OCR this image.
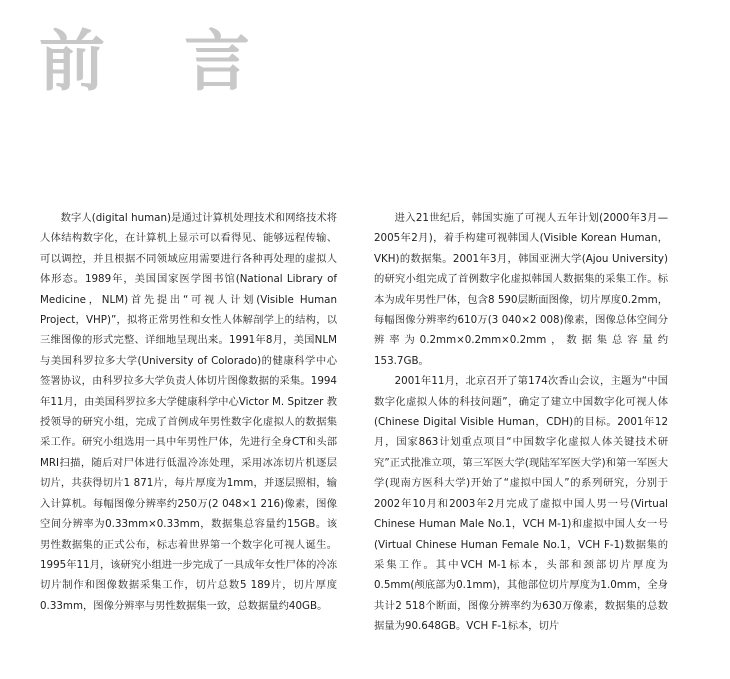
前 言

数字人(digital human)是通过计算机处理技术和网络技术将人体结构数字化，在计算机上显示可以看得见、能够远程传输、可以调控，并且根据不同领域应用需要进行各种再处理的虚拟人体形态。1989年，美国国家医学图书馆(National Library of Medicine，NLM)首先提出“可视人计划(Visible Human Project，VHP)”，拟将正常男性和女性人体解剖学上的结构，以三维图像的形式完整、详细地呈现出来。1991年8月，美国NLM与美国科罗拉多大学(University of Colorado)的健康科学中心签署协议，由科罗拉多大学负责人体切片图像数据的采集。1994年11月，由美国科罗拉多大学健康科学中心Victor M. Spitzer 教授领导的研究小组，完成了首例成年男性数字化虚拟人的数据集采工作。研究小组选用一具中年男性尸体，先进行全身CT和头部MRI扫描，随后对尸体进行低温冷冻处理，采用冰冻切片机逐层切片，共获得切片1 871片，每片厚度为1mm，并逐层照相，输入计算机。每幅图像分辨率约250万(2 048×1 216)像素，图像空间分辨率为0.33mm×0.33mm，数据集总容量约15GB。该男性数据集的正式公布，标志着世界第一个数字化可视人诞生。1995年11月，该研究小组进一步完成了一具成年女性尸体的冷冻切片制作和图像数据采集工作，切片总数5 189片，切片厚度0.33mm，图像分辨率与男性数据集一致，总数据量约40GB。

进入21世纪后，韩国实施了可视人五年计划(2000年3月—2005年2月)，着手构建可视韩国人(Visible Korean Human，VKH)的数据集。2001年3月，韩国亚洲大学(Ajou University)的研究小组完成了首例数字化虚拟韩国人数据集的采集工作。标本为成年男性尸体，包含8 590层断面图像，切片厚度0.2mm，每幅图像分辨率约610万(3 040×2 008)像素，图像总体空间分辨率为0.2mm×0.2mm×0.2mm，数据集总容量约153.7GB。

2001年11月，北京召开了第174次香山会议，主题为“中国数字化虚拟人体的科技问题”，确定了建立中国数字化可视人体(Chinese Digital Visible Human，CDH)的目标。2001年12月，国家863计划重点项目“中国数字化虚拟人体关键技术研究”正式批准立项，第三军医大学(现陆军军医大学)和第一军医大学(现南方医科大学)开始了“虚拟中国人”的系列研究，分别于2002年10月和2003年2月完成了虚拟中国人男一号(Virtual Chinese Human Male No.1，VCH M-1)和虚拟中国人女一号(Virtual Chinese Human Female No.1，VCH F-1)数据集的采集工作。其中VCH M-1标本，头部和颈部切片厚度为0.5mm(颅底部为0.1mm)，其他部位切片厚度为1.0mm，全身共计2 518个断面，图像分辨率约为630万像素，数据集的总数据量为90.648GB。VCH F-1标本，切片
